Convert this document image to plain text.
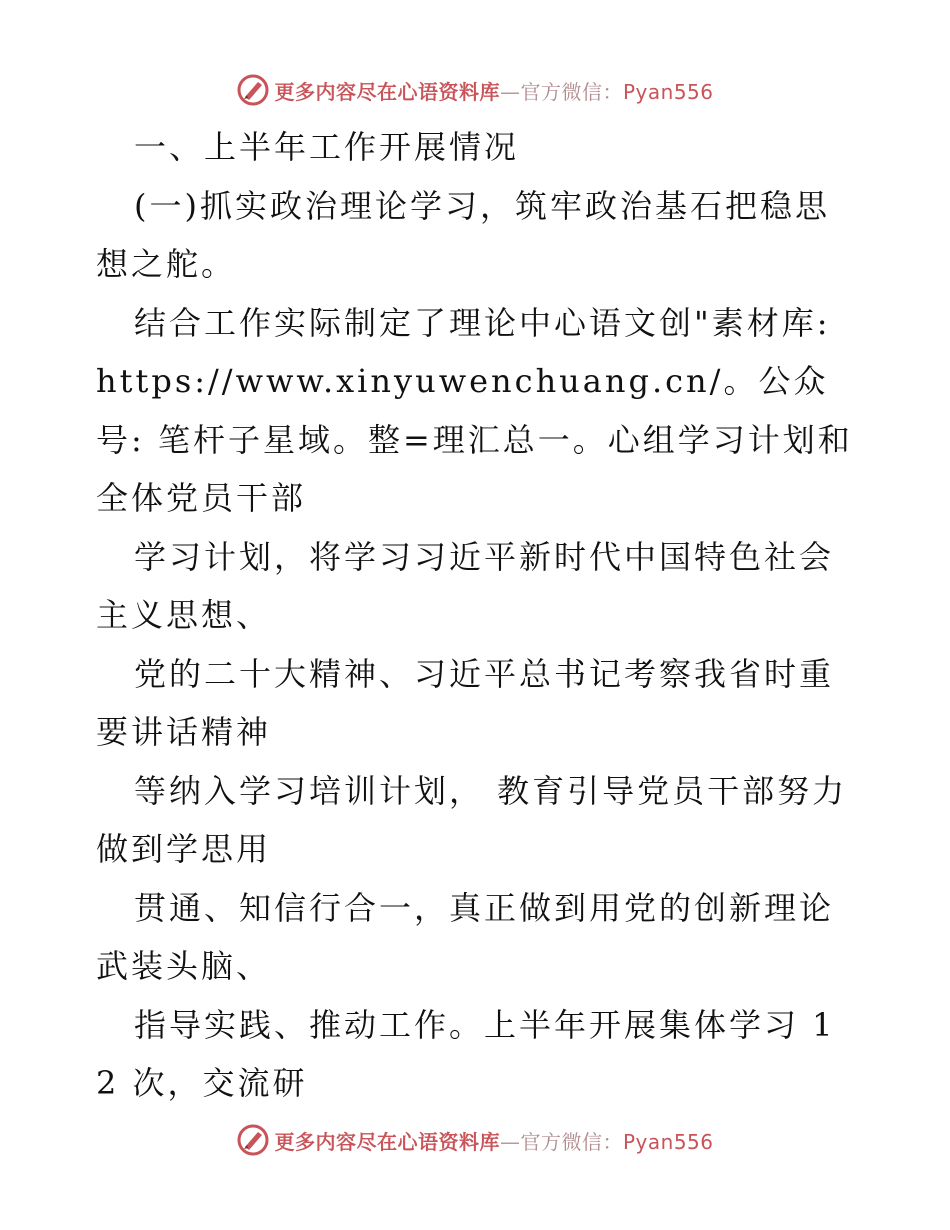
更多内容尽在心语资料库 — 官方微信： Pyan556

一、上半年工作开展情况

(一)抓实政治理论学习，筑牢政治基石把稳思想之舵。

结合工作实际制定了理论中心语文创"素材库: https://www.xinyuwenchuang.cn/。公众号: 笔杆子星域。整=理汇总一。心组学习计划和全体党员干部

学习计划，将学习习近平新时代中国特色社会主义思想、

党的二十大精神、习近平总书记考察我省时重要讲话精神

等纳入学习培训计划， 教育引导党员干部努力做到学思用

贯通、知信行合一，真正做到用党的创新理论武装头脑、

指导实践、推动工作。上半年开展集体学习 12 次，交流研

更多内容尽在心语资料库 — 官方微信： Pyan556
